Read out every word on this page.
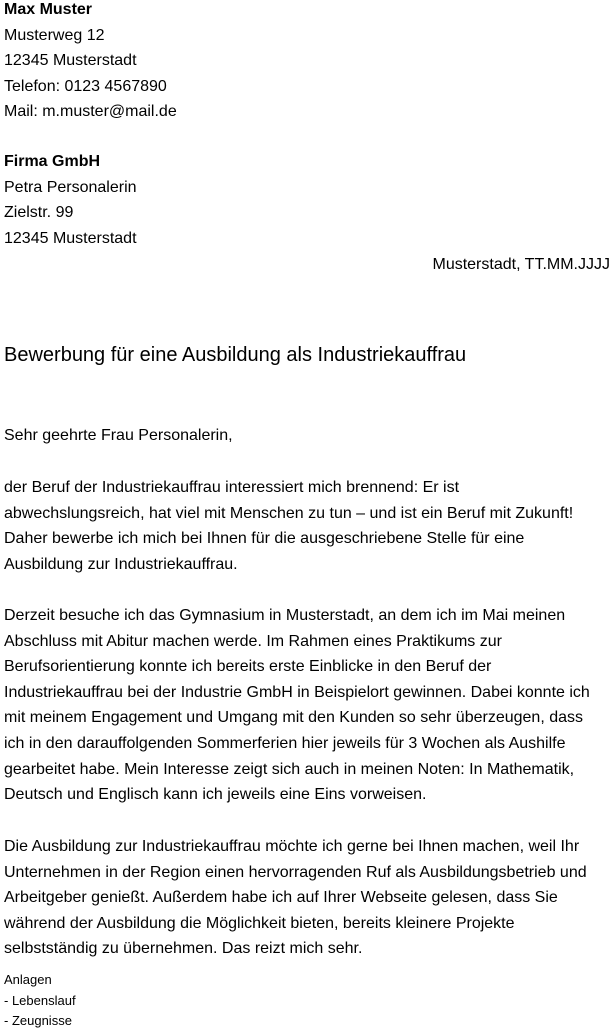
Max Muster
Musterweg 12
12345 Musterstadt
Telefon: 0123 4567890
Mail: m.muster@mail.de
Firma GmbH
Petra Personalerin
Zielstr. 99
12345 Musterstadt
Musterstadt, TT.MM.JJJJ
Bewerbung für eine Ausbildung als Industriekauffrau
Sehr geehrte Frau Personalerin,
der Beruf der Industriekauffrau interessiert mich brennend: Er ist
abwechslungsreich, hat viel mit Menschen zu tun – und ist ein Beruf mit Zukunft!
Daher bewerbe ich mich bei Ihnen für die ausgeschriebene Stelle für eine
Ausbildung zur Industriekauffrau.
Derzeit besuche ich das Gymnasium in Musterstadt, an dem ich im Mai meinen
Abschluss mit Abitur machen werde. Im Rahmen eines Praktikums zur
Berufsorientierung konnte ich bereits erste Einblicke in den Beruf der
Industriekauffrau bei der Industrie GmbH in Beispielort gewinnen. Dabei konnte ich
mit meinem Engagement und Umgang mit den Kunden so sehr überzeugen, dass
ich in den darauffolgenden Sommerferien hier jeweils für 3 Wochen als Aushilfe
gearbeitet habe. Mein Interesse zeigt sich auch in meinen Noten: In Mathematik,
Deutsch und Englisch kann ich jeweils eine Eins vorweisen.
Die Ausbildung zur Industriekauffrau möchte ich gerne bei Ihnen machen, weil Ihr
Unternehmen in der Region einen hervorragenden Ruf als Ausbildungsbetrieb und
Arbeitgeber genießt. Außerdem habe ich auf Ihrer Webseite gelesen, dass Sie
während der Ausbildung die Möglichkeit bieten, bereits kleinere Projekte
selbstständig zu übernehmen. Das reizt mich sehr.
Anlagen
- Lebenslauf
- Zeugnisse
